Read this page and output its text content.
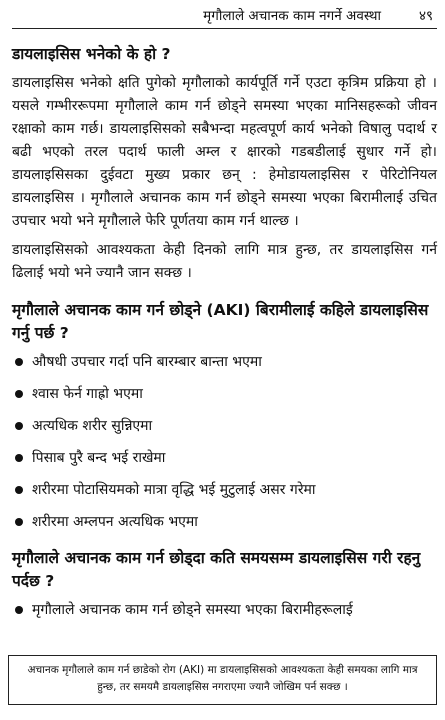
मृगौलाले अचानक काम नगर्ने अवस्था	४९
डायलाइसिस भनेको के हो ?

डायलाइसिस भनेको क्षति पुगेको मृगौलाको कार्यपूर्ति गर्ने एउटा कृत्रिम प्रक्रिया हो । यसले गम्भीररूपमा मृगौलाले काम गर्न छोड्ने समस्या भएका मानिसहरूको जीवन रक्षाको काम गर्छ। डायलाइसिसको सबैभन्दा महत्वपूर्ण कार्य भनेको विषालु पदार्थ र बढी भएको तरल पदार्थ फाली अम्ल र क्षारको गडबडीलाई सुधार गर्ने हो। डायलाइसिसका दुईवटा मुख्य प्रकार छन् : हेमोडायलाइसिस र पेरिटोनियल डायलाइसिस । मृगौलाले अचानक काम गर्न छोड्ने समस्या भएका बिरामीलाई उचित उपचार भयो भने मृगौलाले फेरि पूर्णतया काम गर्न थाल्छ ।

डायलाइसिसको आवश्यकता केही दिनको लागि मात्र हुन्छ, तर डायलाइसिस गर्न ढिलाई भयो भने ज्यानै जान सक्छ ।

मृगौलाले अचानक काम गर्न छोड्ने (AKI) बिरामीलाई कहिले डायलाइसिस गर्नु पर्छ ?
औषधी उपचार गर्दा पनि बारम्बार बान्ता भएमा
श्वास फेर्न गाह्रो भएमा
अत्यधिक शरीर सुन्निएमा
पिसाब पुरै बन्द भई राखेमा
शरीरमा पोटासियमको मात्रा वृद्धि भई मुटुलाई असर गरेमा
शरीरमा अम्लपन अत्यधिक भएमा
मृगौलाले अचानक काम गर्न छोड्दा कति समयसम्म डायलाइसिस गरी रहनु पर्दछ ?
मृगौलाले अचानक काम गर्न छोड्ने समस्या भएका बिरामीहरूलाई
अचानक मृगौलाले काम गर्न छाडेको रोग (AKI) मा डायलाइसिसको आवश्यकता केही समयका लागि मात्र हुन्छ, तर समयमै डायलाइसिस नगराएमा ज्यानै जोखिम पर्न सक्छ ।
